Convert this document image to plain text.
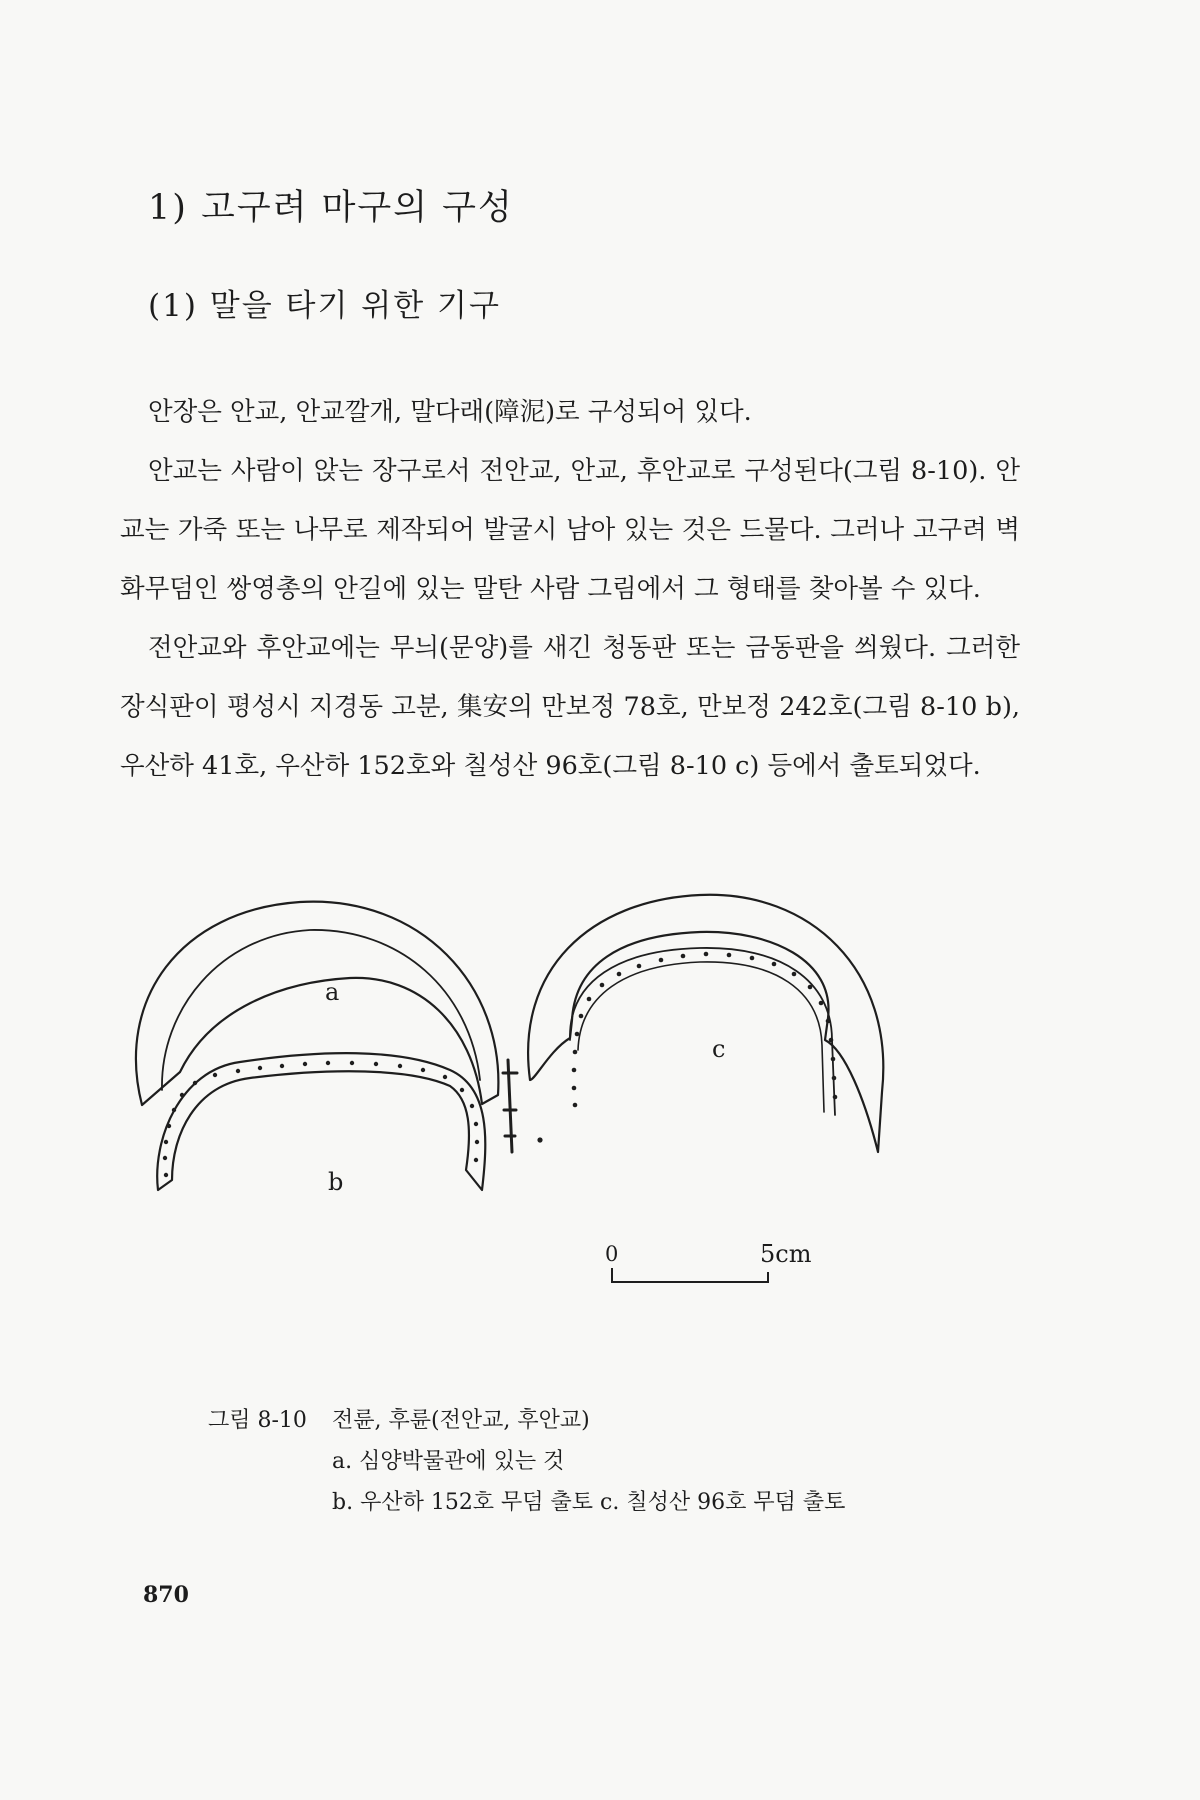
1) 고구려 마구의 구성
(1) 말을 타기 위한 기구

안장은 안교, 안교깔개, 말다래(障泥)로 구성되어 있다.

안교는 사람이 앉는 장구로서 전안교, 안교, 후안교로 구성된다(그림 8-10). 안교는 가죽 또는 나무로 제작되어 발굴시 남아 있는 것은 드물다. 그러나 고구려 벽화무덤인 쌍영총의 안길에 있는 말탄 사람 그림에서 그 형태를 찾아볼 수 있다.

전안교와 후안교에는 무늬(문양)를 새긴 청동판 또는 금동판을 씌웠다. 그러한 장식판이 평성시 지경동 고분, 集安의 만보정 78호, 만보정 242호(그림 8-10 b), 우산하 41호, 우산하 152호와 칠성산 96호(그림 8-10 c) 등에서 출토되었다.

a
b
c
0	5cm
그림 8-10 전륜, 후륜(전안교, 후안교)
a. 심양박물관에 있는 것
b. 우산하 152호 무덤 출토 c. 칠성산 96호 무덤 출토
870
